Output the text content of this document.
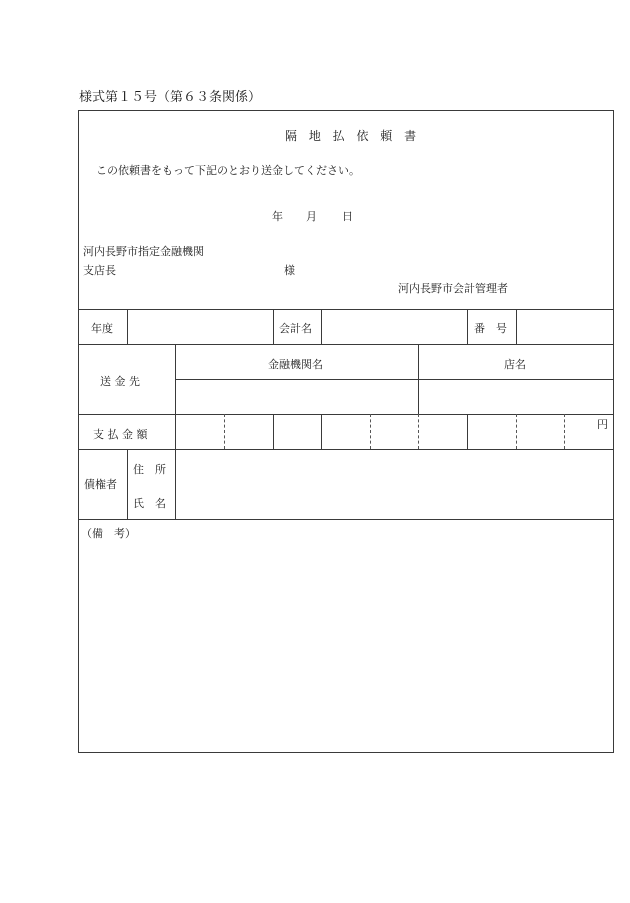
様式第１５号（第６３条関係）
隔 地 払 依 頼 書
この依頼書をもって下記のとおり送金してください。
年 月 日
河内長野市指定金融機関
支店長	様
河内長野市会計管理者
年度	会計名	番　号
送 金 先
金融機関名	店名
支 払 金 額
円
債権者
住　所
氏　名
（備　考）
